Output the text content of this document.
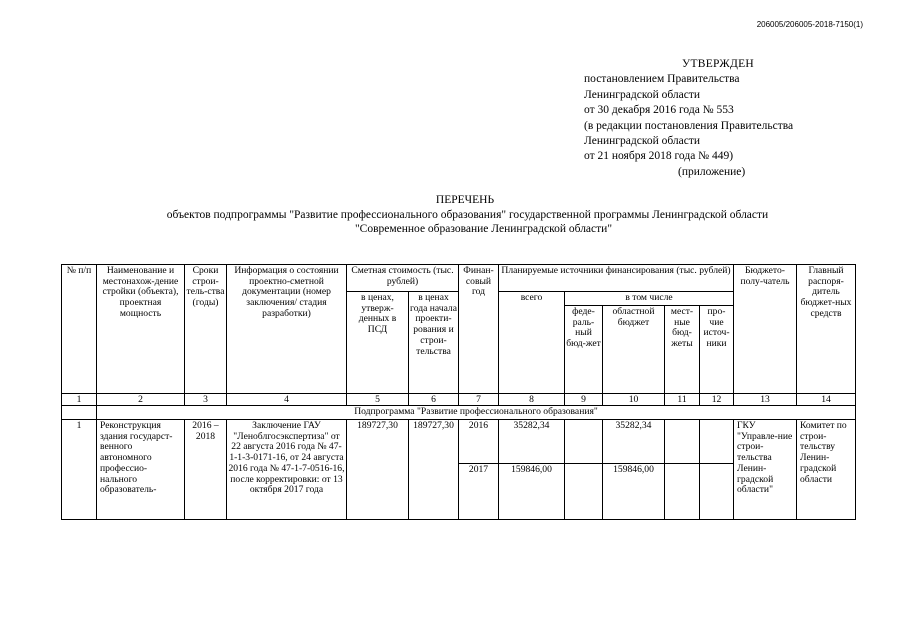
206005/206005-2018-7150(1)
УТВЕРЖДЕН
постановлением Правительства
Ленинградской области
от 30 декабря 2016 года № 553
(в редакции постановления Правительства
Ленинградской области
от 21 ноября 2018 года № 449)
(приложение)
ПЕРЕЧЕНЬ
объектов подпрограммы "Развитие профессионального образования" государственной программы Ленинградской области
"Современное образование Ленинградской области"
№ п/п	Наименование и местонахож-дение стройки (объекта), проектная мощность	Сроки строи-тель-ства (годы)	Информация о состоянии проектно-сметной документации (номер заключения/ стадия разработки)	Сметная стоимость (тыс. рублей)		Финан-совый год	Планируемые источники финансирования (тыс. рублей)					Бюджето-полу-чатель	Главный распоря-дитель бюджет-ных средств
				в ценах, утверж-денных в ПСД	в ценах года начала проекти-рования и строи-тельства		всего	в том числе					
								феде-раль-ный бюд-жет	областной бюджет	мест-ные бюд-жеты	про-чие источ-ники		
1	2	3	4	5	6	7	8	9	10	11	12	13	14
	Подпрограмма "Развитие профессионального образования"												
1	Реконструкция здания государст-венного автономного профессио-нального образователь-	2016 – 2018	Заключение ГАУ "Леноблгосэкспертиза" от 22 августа 2016 года № 47-1-1-3-0171-16, от 24 августа 2016 года № 47-1-7-0516-16, после корректировки: от 13 октября 2017 года	189727,30	189727,30	2016	35282,34		35282,34			ГКУ "Управле-ние строи-тельства Ленин-градской области"	Комитет по строи-тельству Ленин-градской области
						2017	159846,00		159846,00				
